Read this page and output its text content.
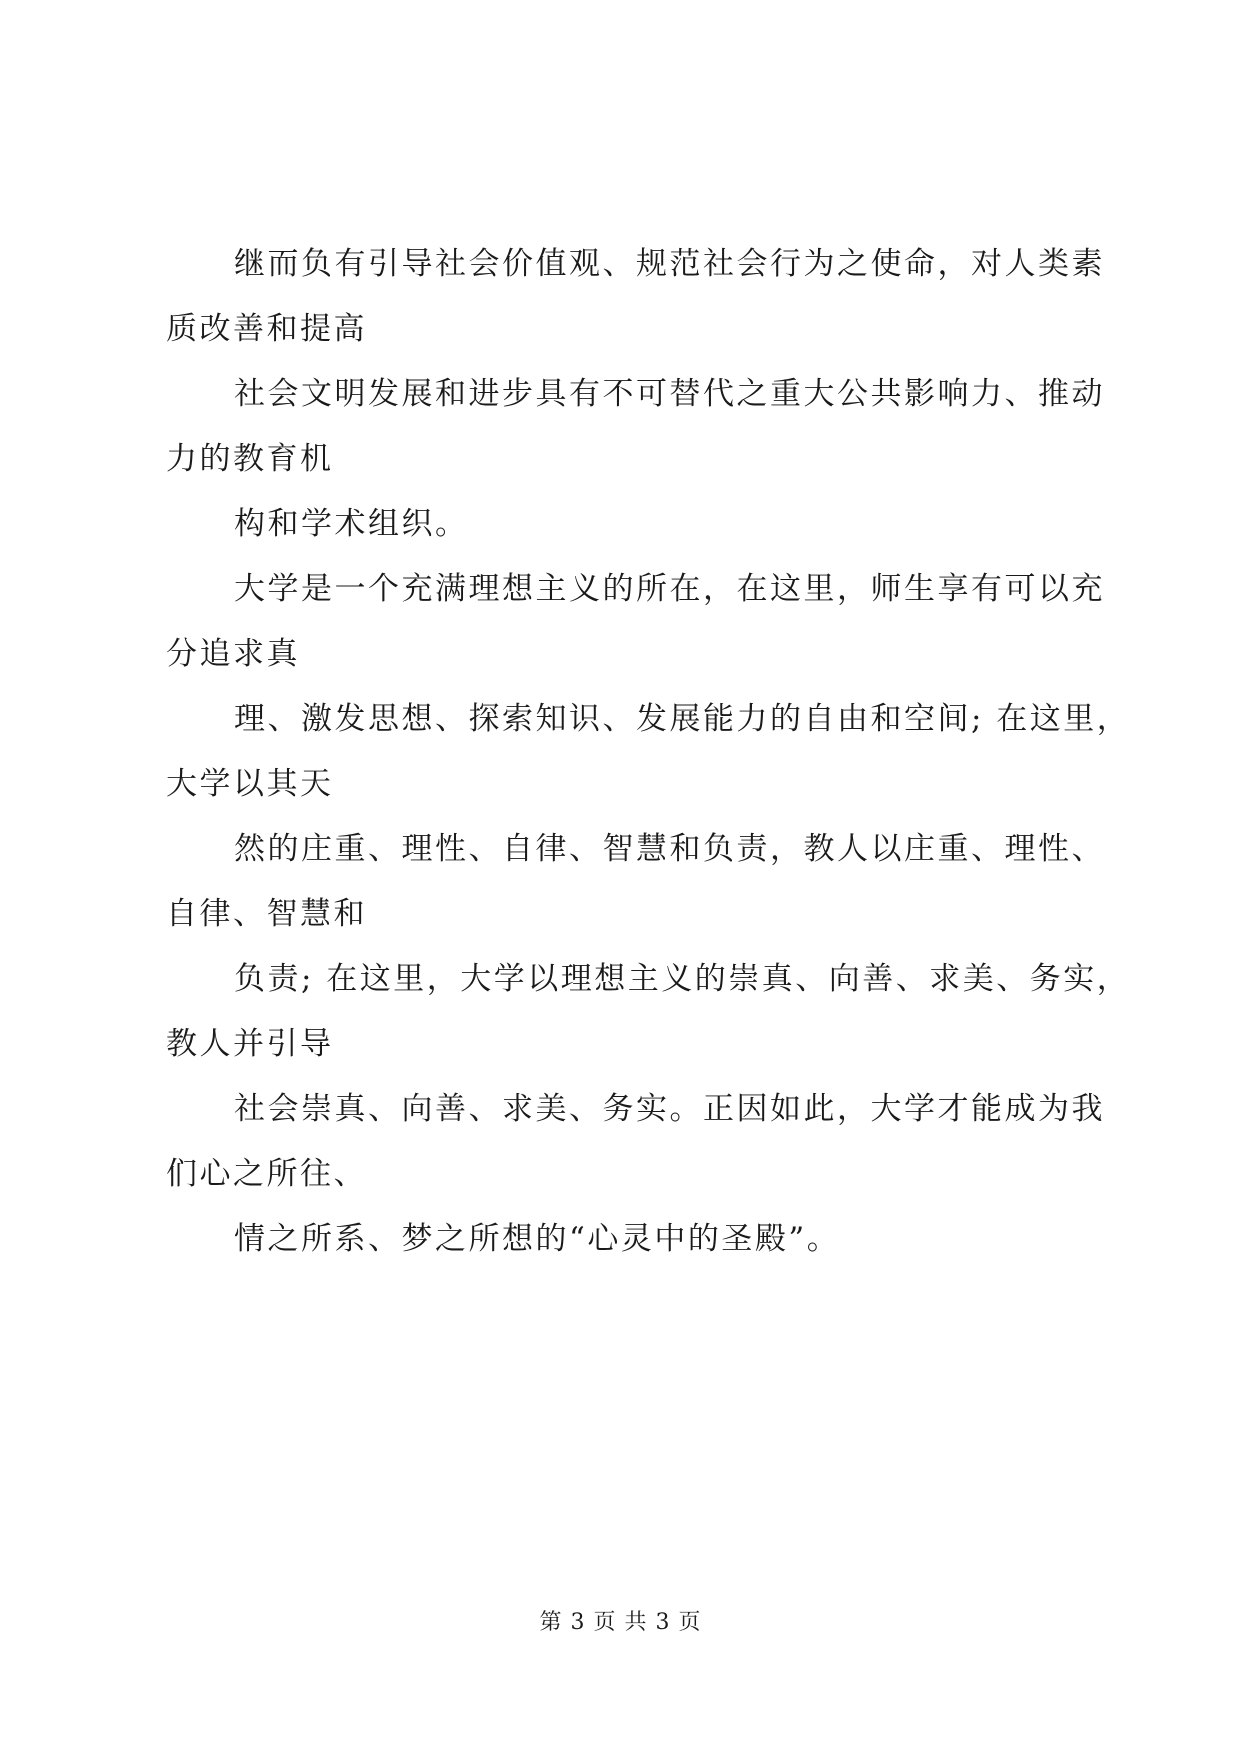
继而负有引导社会价值观、规范社会行为之使命，对人类素
质改善和提高
社会文明发展和进步具有不可替代之重大公共影响力、推动
力的教育机
构和学术组织。
大学是一个充满理想主义的所在，在这里，师生享有可以充
分追求真
理、激发思想、探索知识、发展能力的自由和空间; 在这里，
大学以其天
然的庄重、理性、自律、智慧和负责，教人以庄重、理性、
自律、智慧和
负责; 在这里，大学以理想主义的崇真、向善、求美、务实，
教人并引导
社会崇真、向善、求美、务实。正因如此，大学才能成为我
们心之所往、
情之所系、梦之所想的“心灵中的圣殿”。
第 3 页 共 3 页
